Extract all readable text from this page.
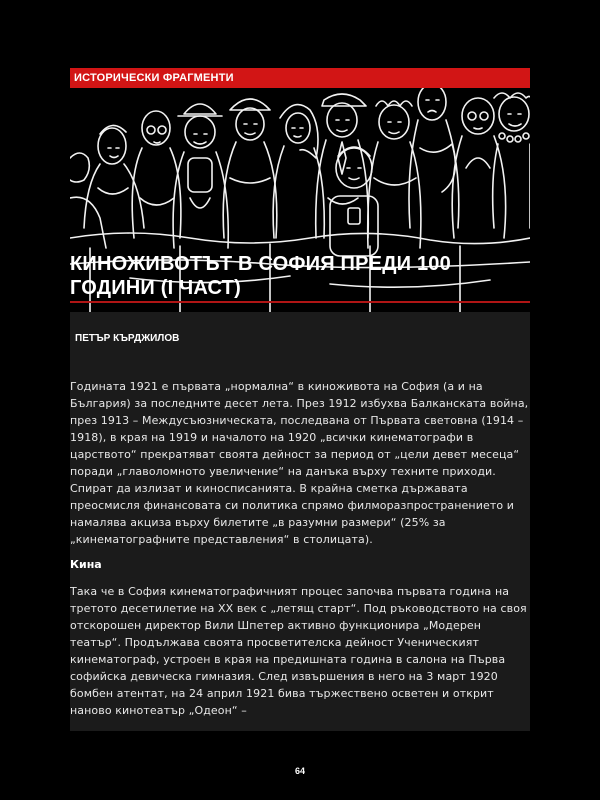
ИСТОРИЧЕСКИ ФРАГМЕНТИ
КИНОЖИВОТЪТ В СОФИЯ ПРЕДИ 100 ГОДИНИ (I ЧАСТ)
ПЕТЪР КЪРДЖИЛОВ

Годината 1921 е първата „нормална“ в киноживота на София (а и на България) за последните десет лета. През 1912 избухва Балканската война, през 1913 – Междусъюзническата, последвана от Първата световна (1914 – 1918), в края на 1919 и началото на 1920 „всички кинематографи в царството“ прекратяват своята дейност за период от „цели девет месеца“ поради „главоломното увеличение“ на данъка върху техните приходи. Спират да излизат и киносписанията. В крайна сметка държавата преосмисля финансовата си политика спрямо филморазпространението и намалява акциза върху билетите „в разумни размери“ (25% за „кинематографните представления“ в столицата).

Кина

Така че в София кинематографичният процес започва първата година на третото десетилетие на XX век с „летящ старт“. Под ръководството на своя отскорошен директор Вили Шпетер активно функционира „Модерен театър“. Продължава своята просветителска дейност Ученическият кинематограф, устроен в края на предишната година в салона на Първа софийска девическа гимназия. След извършения в него на 3 март 1920 бомбен атентат, на 24 април 1921 бива тържествено осветен и открит наново кинотеатър „Одеон“ –

64
